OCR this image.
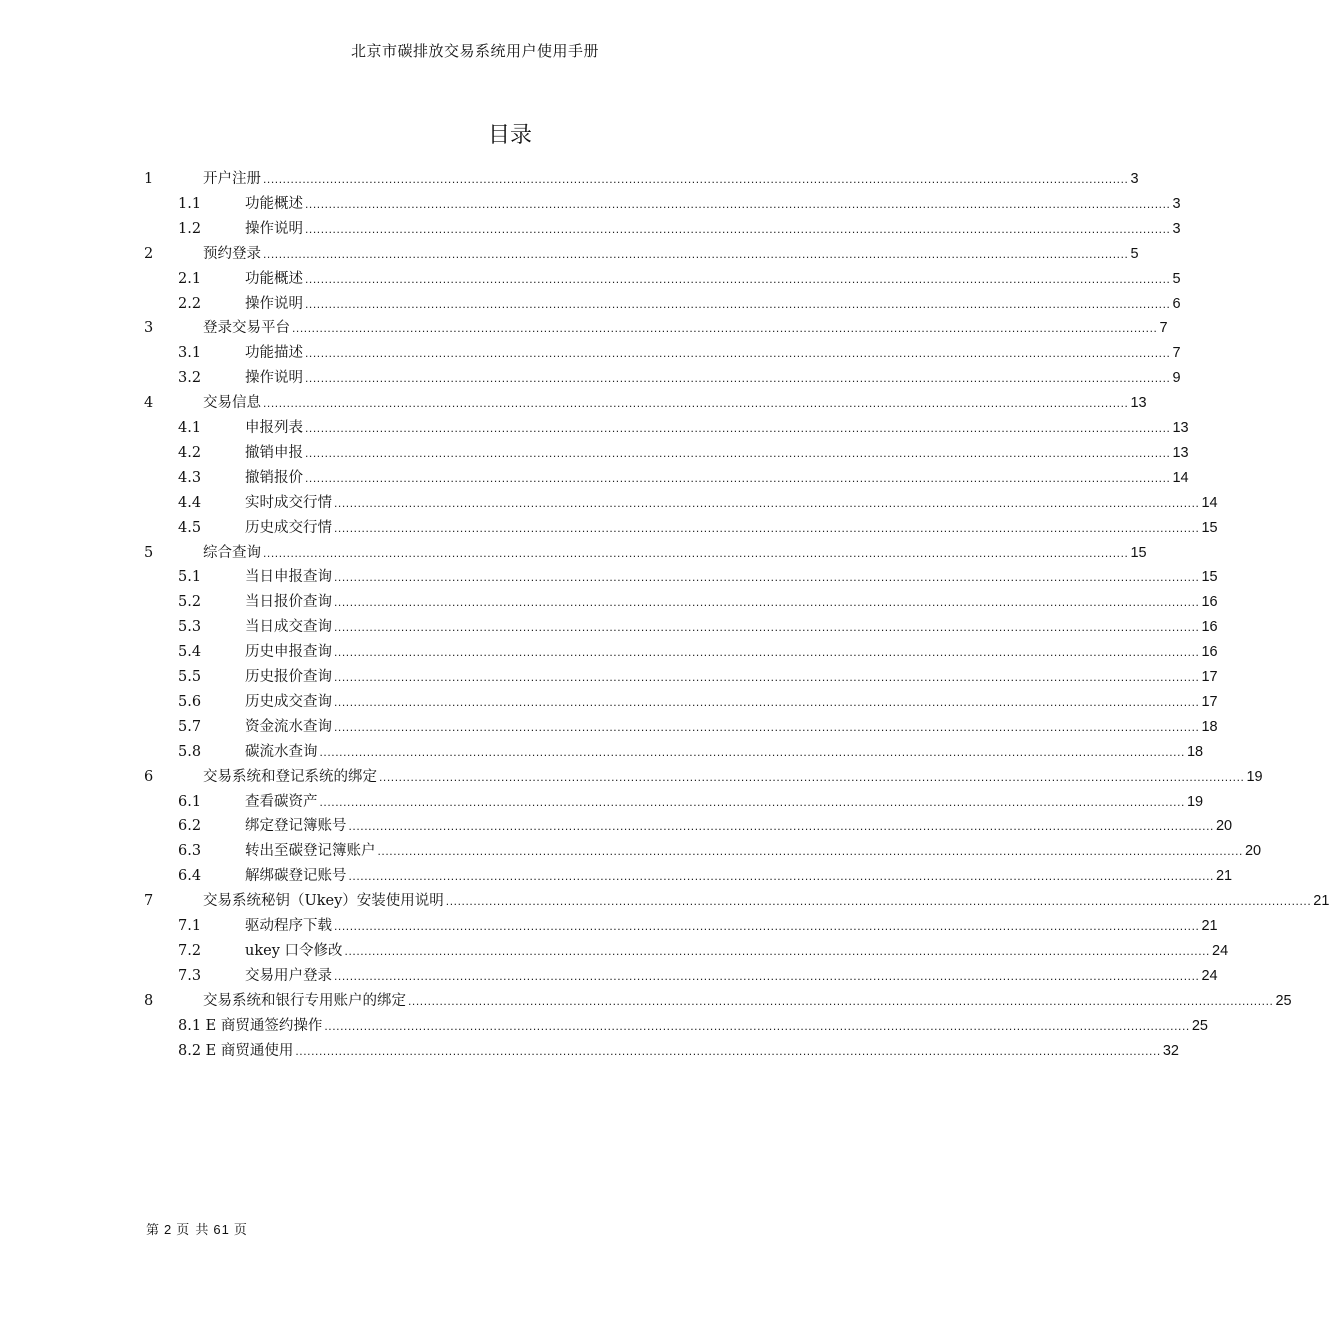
北京市碳排放交易系统用户使用手册
目录
1	开户注册 ............................................................................................................................................................................................................................ 3
1.1	功能概述 ............................................................................................................................................................................................................................ 3
1.2	操作说明 ............................................................................................................................................................................................................................ 3
2	预约登录 ............................................................................................................................................................................................................................ 5
2.1	功能概述 ............................................................................................................................................................................................................................ 5
2.2	操作说明 ............................................................................................................................................................................................................................ 6
3	登录交易平台 ............................................................................................................................................................................................................................ 7
3.1	功能描述 ............................................................................................................................................................................................................................ 7
3.2	操作说明 ............................................................................................................................................................................................................................ 9
4	交易信息 ............................................................................................................................................................................................................................ 13
4.1	申报列表 ............................................................................................................................................................................................................................ 13
4.2	撤销申报 ............................................................................................................................................................................................................................ 13
4.3	撤销报价 ............................................................................................................................................................................................................................ 14
4.4	实时成交行情 ............................................................................................................................................................................................................................ 14
4.5	历史成交行情 ............................................................................................................................................................................................................................ 15
5	综合查询 ............................................................................................................................................................................................................................ 15
5.1	当日申报查询 ............................................................................................................................................................................................................................ 15
5.2	当日报价查询 ............................................................................................................................................................................................................................ 16
5.3	当日成交查询 ............................................................................................................................................................................................................................ 16
5.4	历史申报查询 ............................................................................................................................................................................................................................ 16
5.5	历史报价查询 ............................................................................................................................................................................................................................ 17
5.6	历史成交查询 ............................................................................................................................................................................................................................ 17
5.7	资金流水查询 ............................................................................................................................................................................................................................ 18
5.8	碳流水查询 ............................................................................................................................................................................................................................ 18
6	交易系统和登记系统的绑定 ............................................................................................................................................................................................................................ 19
6.1	查看碳资产 ............................................................................................................................................................................................................................ 19
6.2	绑定登记簿账号 ............................................................................................................................................................................................................................ 20
6.3	转出至碳登记簿账户 ............................................................................................................................................................................................................................ 20
6.4	解绑碳登记账号 ............................................................................................................................................................................................................................ 21
7	交易系统秘钥（Ukey）安装使用说明 ............................................................................................................................................................................................................................ 21
7.1	驱动程序下载 ............................................................................................................................................................................................................................ 21
7.2	ukey 口令修改 ............................................................................................................................................................................................................................ 24
7.3	交易用户登录 ............................................................................................................................................................................................................................ 24
8	交易系统和银行专用账户的绑定 ............................................................................................................................................................................................................................ 25
8.1 E 商贸通签约操作 ............................................................................................................................................................................................................................ 25
8.2 E 商贸通使用 ............................................................................................................................................................................................................................ 32
第 2 页 共 61 页
